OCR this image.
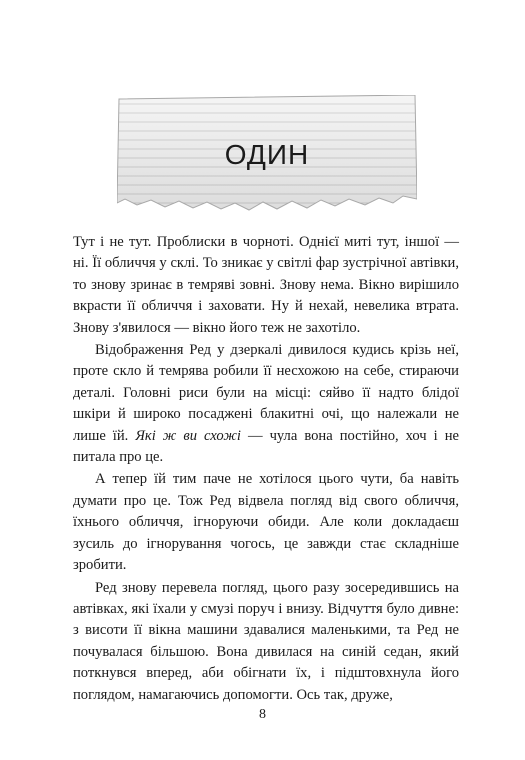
ОДИН

Тут і не тут. Проблиски в чорноті. Однієї миті тут, іншої — ні. Її обличчя у склі. То зникає у світлі фар зустрічної автівки, то знову зринає в темряві зовні. Знову нема. Вікно вирішило вкрасти її обличчя і заховати. Ну й нехай, невелика втрата. Знову з'явилося — вікно його теж не захотіло.

Відображення Ред у дзеркалі дивилося кудись крізь неї, проте скло й темрява робили її несхожою на себе, стираючи деталі. Головні риси були на місці: сяйво її надто блідої шкіри й широко посаджені блакитні очі, що належали не лише їй. Які ж ви схожі — чула вона постійно, хоч і не питала про це.

А тепер їй тим паче не хотілося цього чути, ба навіть думати про це. Тож Ред відвела погляд від свого обличчя, їхнього обличчя, ігноруючи обиди. Але коли докладаєш зусиль до ігнорування чогось, це завжди стає складніше зробити.

Ред знову перевела погляд, цього разу зосередившись на автівках, які їхали у смузі поруч і внизу. Відчуття було дивне: з висоти її вікна машини здавалися маленькими, та Ред не почувалася більшою. Вона дивилася на синій седан, який поткнувся вперед, аби обігнати їх, і підштовхнула його поглядом, намагаючись допомогти. Ось так, друже,

8
